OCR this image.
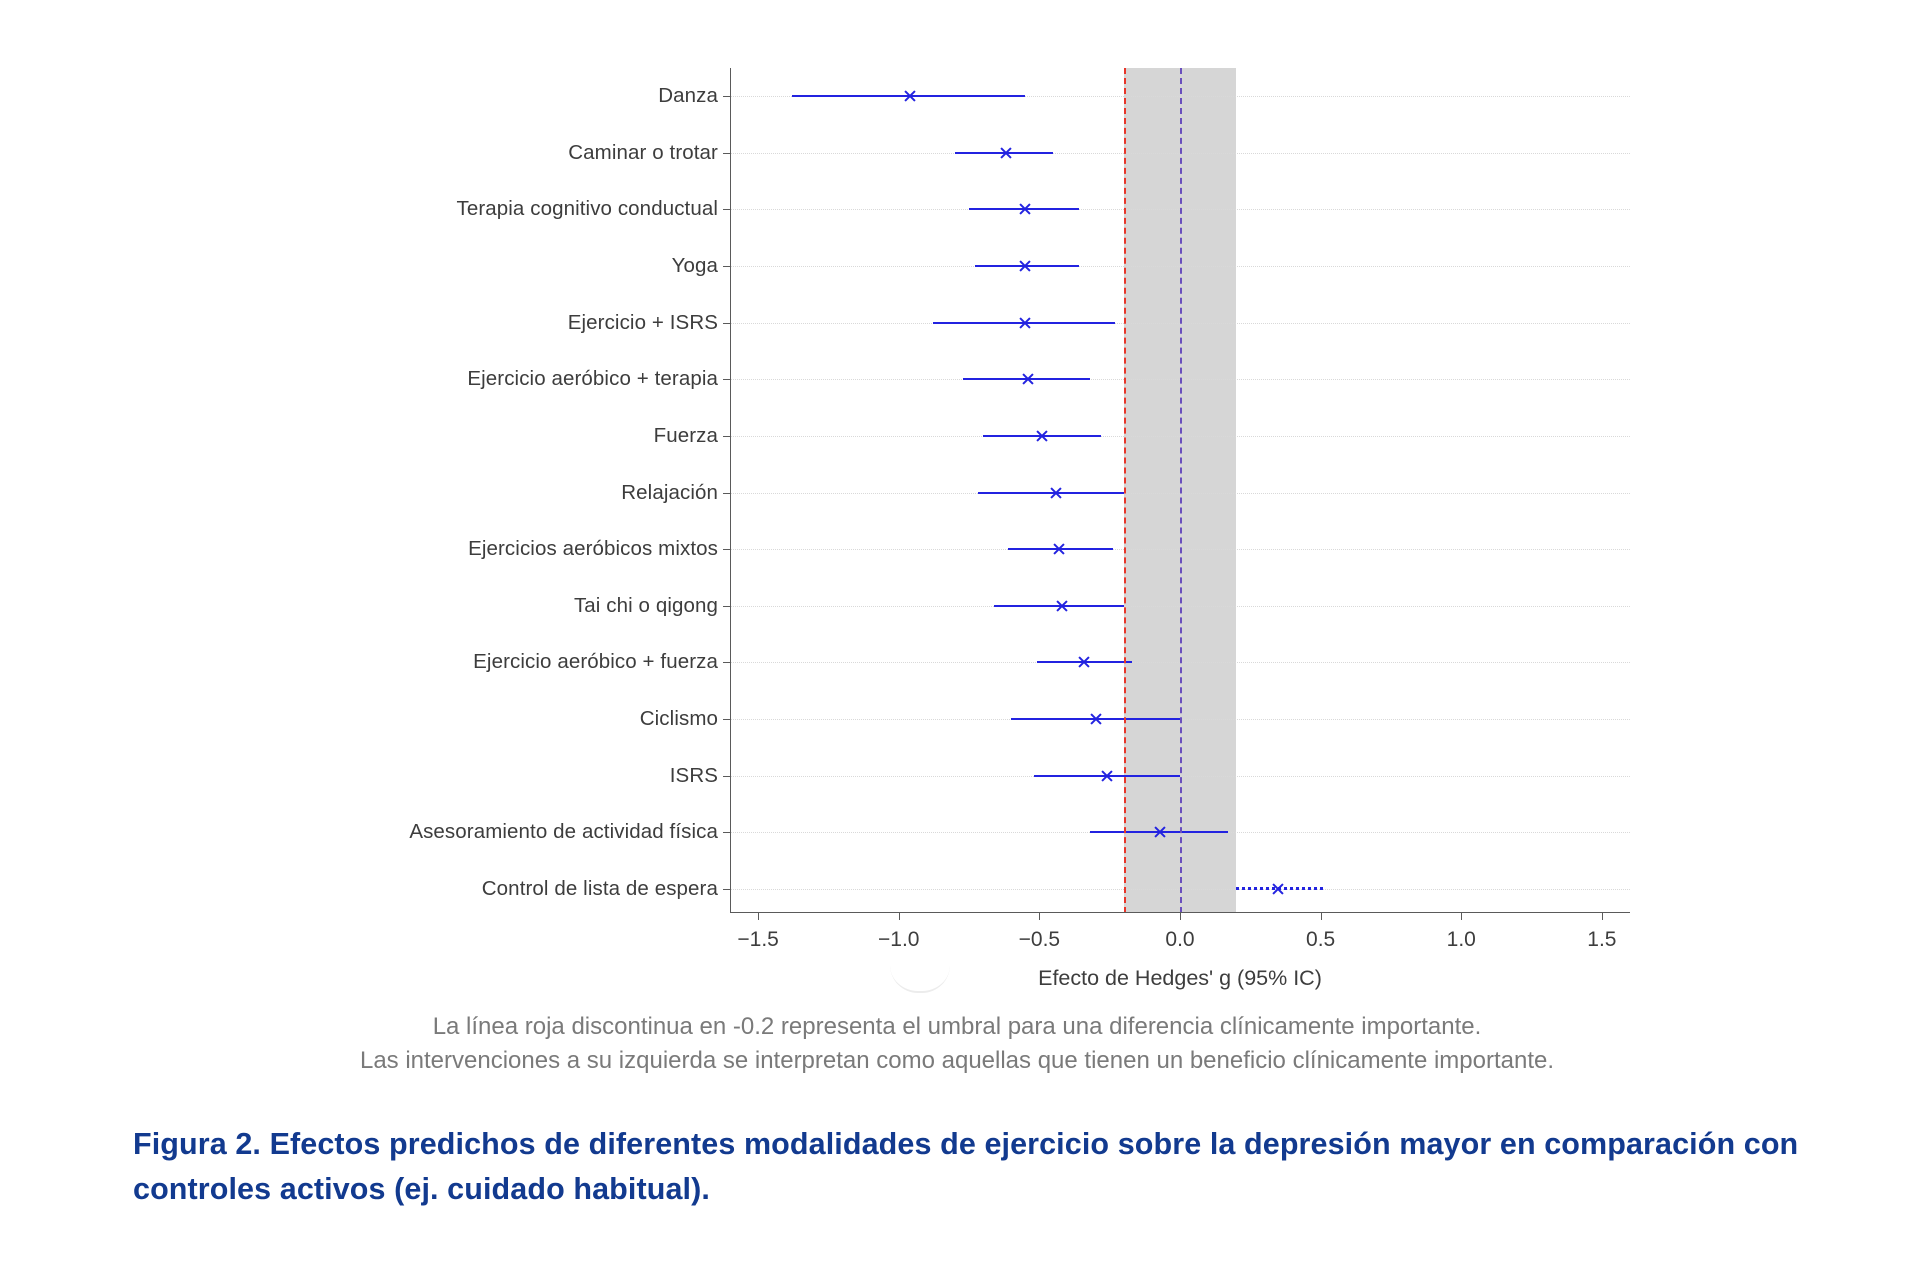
Danza
Caminar o trotar
Terapia cognitivo conductual
Yoga
Ejercicio + ISRS
Ejercicio aeróbico + terapia
Fuerza
Relajación
Ejercicios aeróbicos mixtos
Tai chi o qigong
Ejercicio aeróbico + fuerza
Ciclismo
ISRS
Asesoramiento de actividad física
Control de lista de espera
−1.5	−1.0	−0.5	0.0	0.5	1.0	1.5
Efecto de Hedges' g (95% IC)
La línea roja discontinua en -0.2 representa el umbral para una diferencia clínicamente importante.
Las intervenciones a su izquierda se interpretan como aquellas que tienen un beneficio clínicamente importante.
Figura 2. Efectos predichos de diferentes modalidades de ejercicio sobre la depresión mayor en comparación con controles activos (ej. cuidado habitual).
